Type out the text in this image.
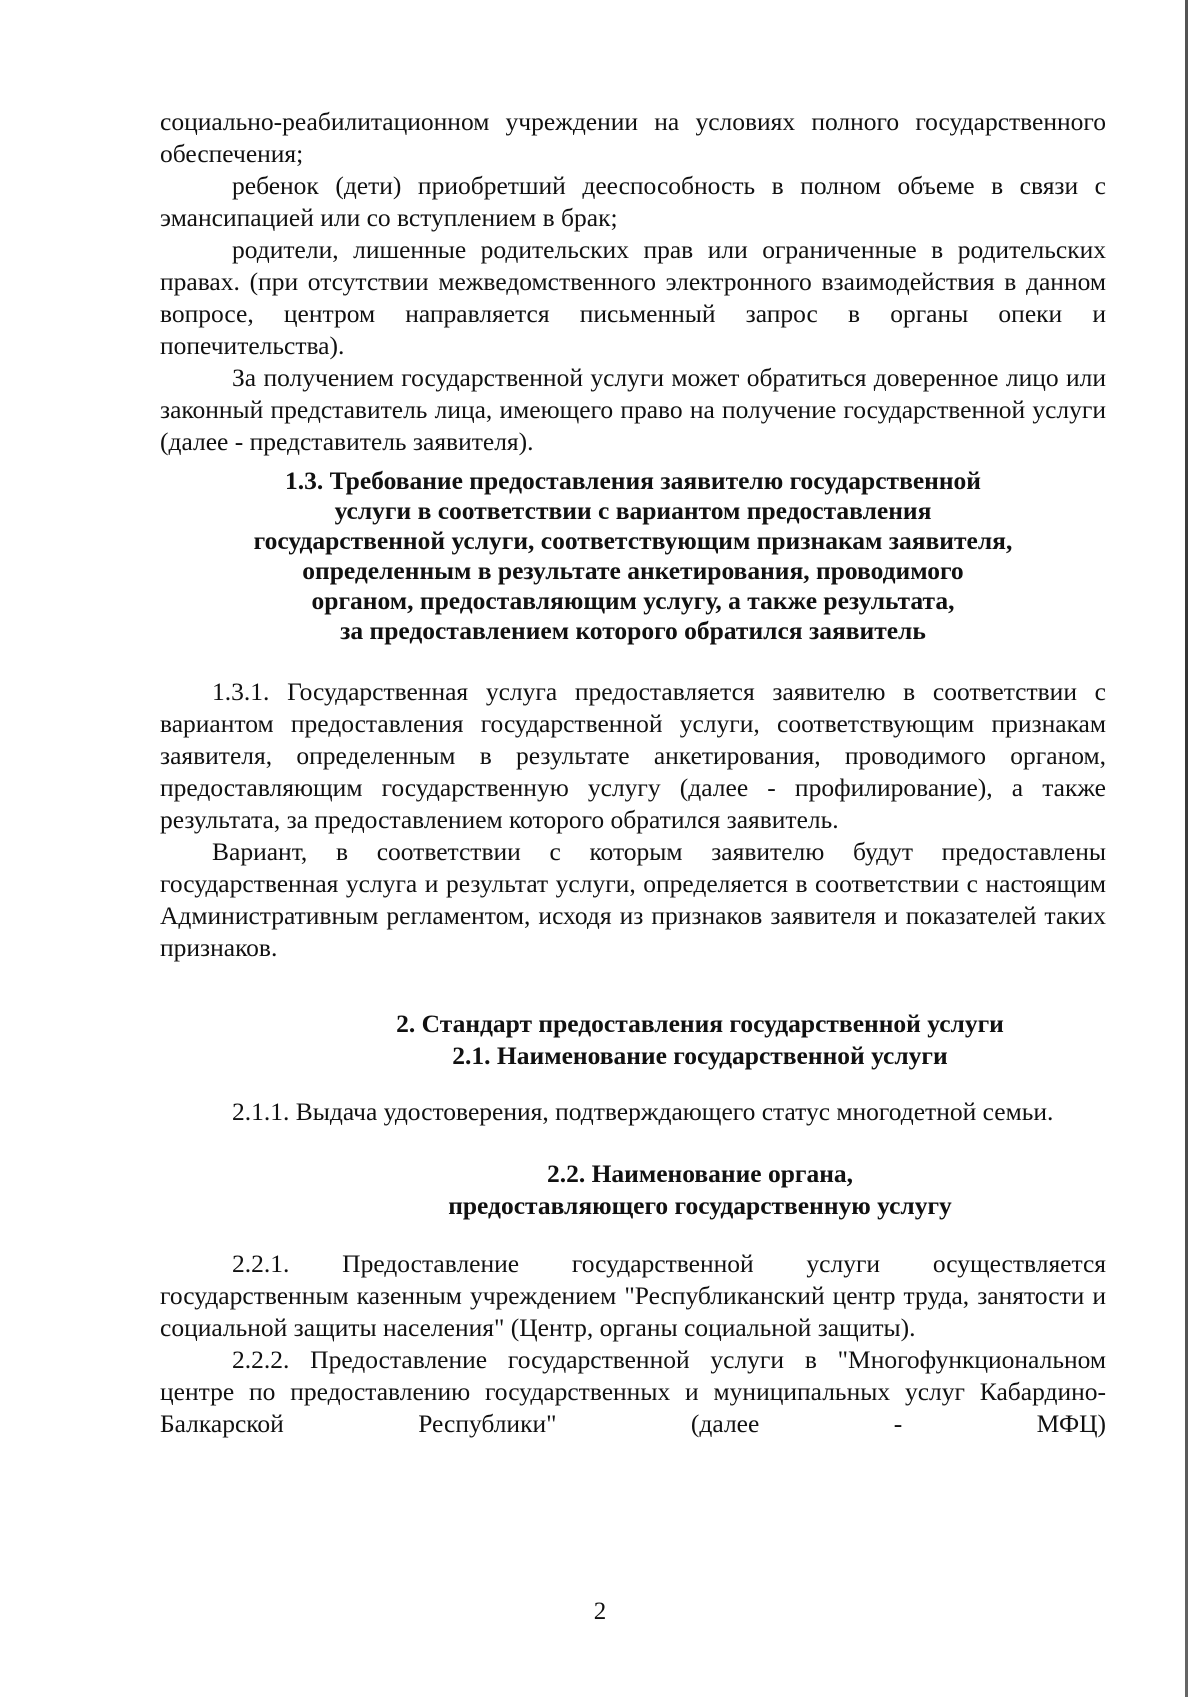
социально-реабилитационном учреждении на условиях полного государственного обеспечения;

ребенок (дети) приобретший дееспособность в полном объеме в связи с эмансипацией или со вступлением в брак;

родители, лишенные родительских прав или ограниченные в родительских правах. (при отсутствии межведомственного электронного взаимодействия в данном вопросе, центром направляется письменный запрос в органы опеки и попечительства).

За получением государственной услуги может обратиться доверенное лицо или законный представитель лица, имеющего право на получение государственной услуги (далее - представитель заявителя).

1.3. Требование предоставления заявителю государственной
услуги в соответствии с вариантом предоставления
государственной услуги, соответствующим признакам заявителя,
определенным в результате анкетирования, проводимого
органом, предоставляющим услугу, а также результата,
за предоставлением которого обратился заявитель

1.3.1. Государственная услуга предоставляется заявителю в соответствии с вариантом предоставления государственной услуги, соответствующим признакам заявителя, определенным в результате анкетирования, проводимого органом, предоставляющим государственную услугу (далее - профилирование), а также результата, за предоставлением которого обратился заявитель.

Вариант, в соответствии с которым заявителю будут предоставлены государственная услуга и результат услуги, определяется в соответствии с настоящим Административным регламентом, исходя из признаков заявителя и показателей таких признаков.

2. Стандарт предоставления государственной услуги
2.1. Наименование государственной услуги

2.1.1. Выдача удостоверения, подтверждающего статус многодетной семьи.

2.2. Наименование органа,
предоставляющего государственную услугу

2.2.1. Предоставление государственной услуги осуществляется государственным казенным учреждением "Республиканский центр труда, занятости и социальной защиты населения" (Центр, органы социальной защиты).

2.2.2. Предоставление государственной услуги в "Многофункциональном центре по предоставлению государственных и муниципальных услуг Кабардино-Балкарской Республики" (далее - МФЦ)

2
